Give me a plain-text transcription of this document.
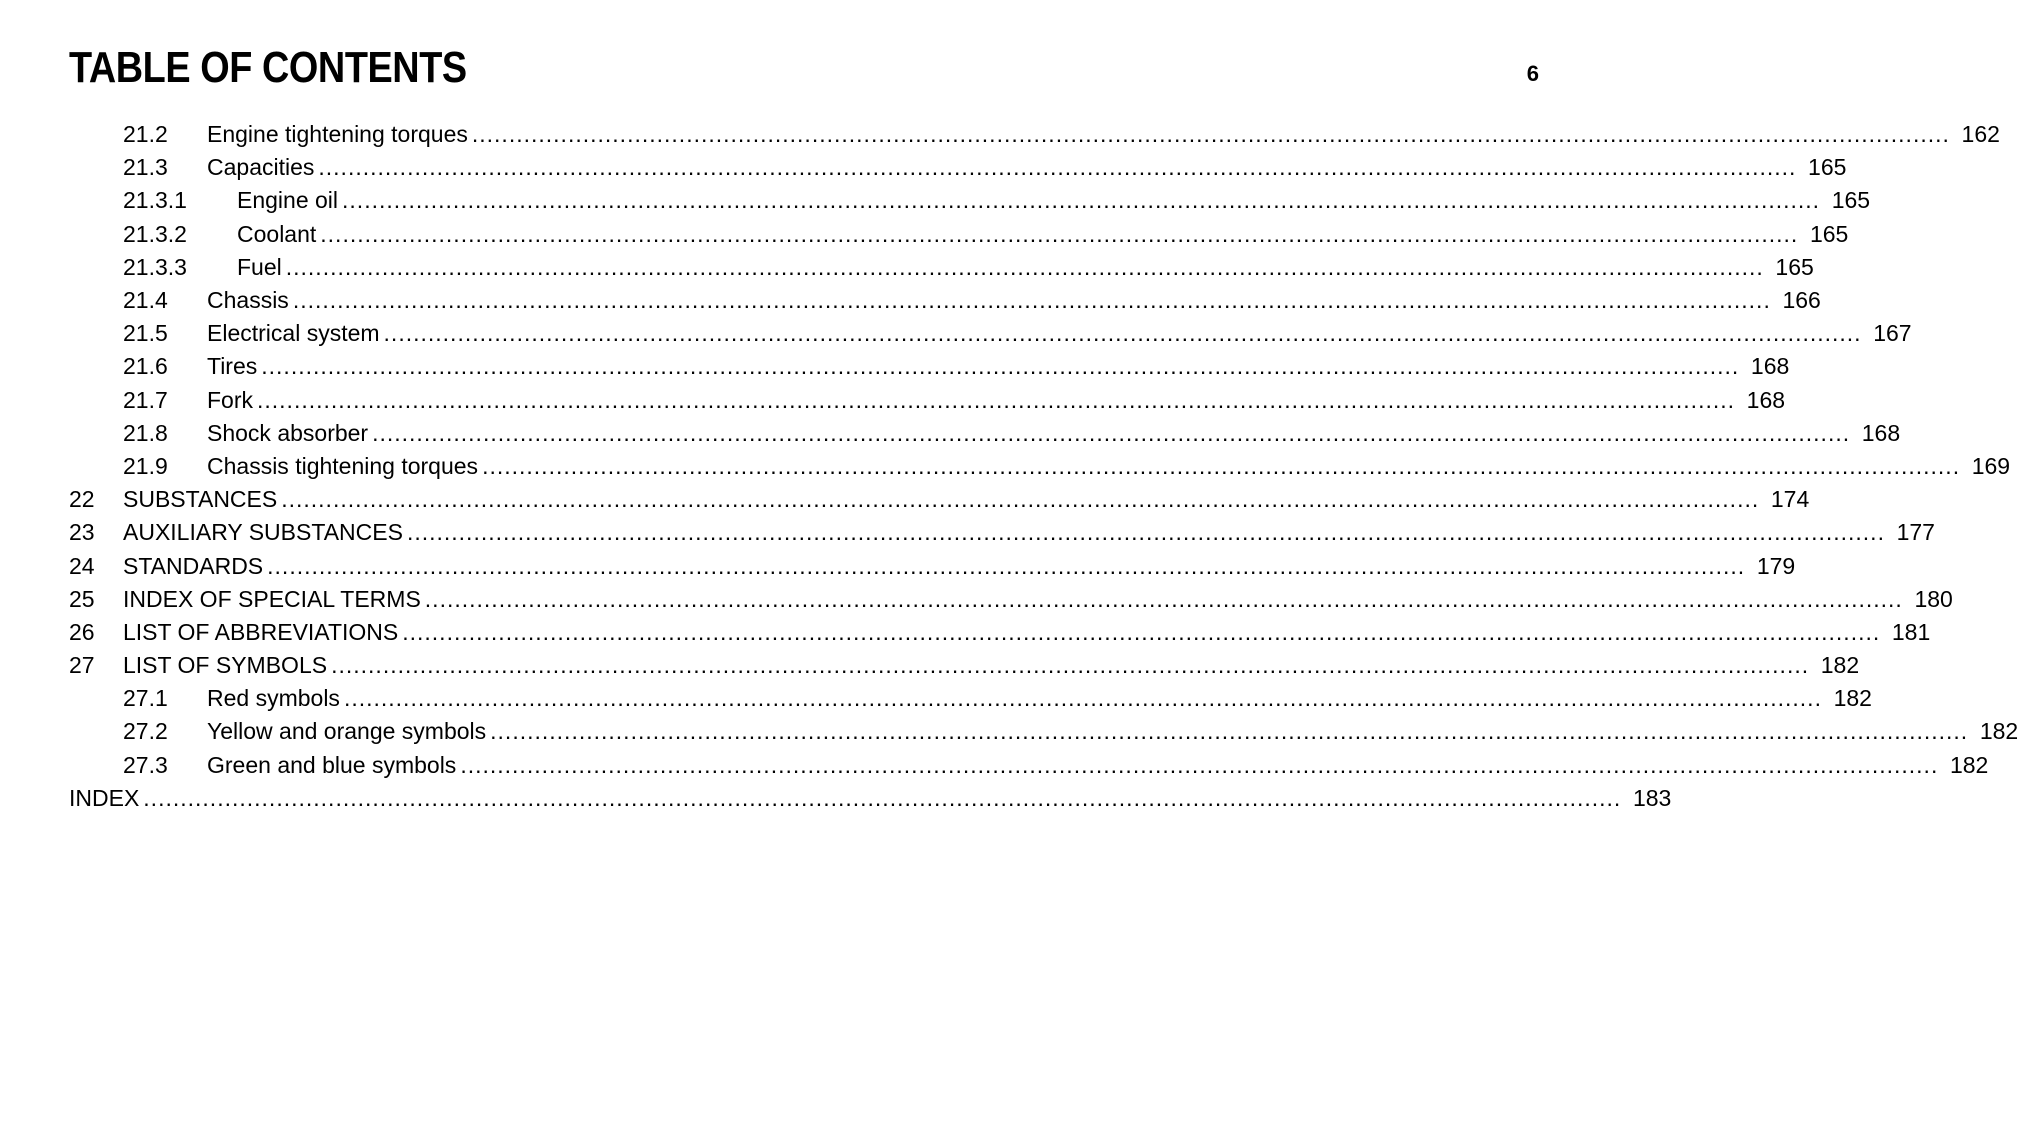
TABLE OF CONTENTS	6
21.2	Engine tightening torques ........................................................................................................................................................................................................ 162
21.3	Capacities ........................................................................................................................................................................................................ 165
21.3.1	Engine oil ........................................................................................................................................................................................................ 165
21.3.2	Coolant ........................................................................................................................................................................................................ 165
21.3.3	Fuel ........................................................................................................................................................................................................ 165
21.4	Chassis ........................................................................................................................................................................................................ 166
21.5	Electrical system ........................................................................................................................................................................................................ 167
21.6	Tires ........................................................................................................................................................................................................ 168
21.7	Fork ........................................................................................................................................................................................................ 168
21.8	Shock absorber ........................................................................................................................................................................................................ 168
21.9	Chassis tightening torques ........................................................................................................................................................................................................ 169
22	SUBSTANCES ........................................................................................................................................................................................................ 174
23	AUXILIARY SUBSTANCES ........................................................................................................................................................................................................ 177
24	STANDARDS ........................................................................................................................................................................................................ 179
25	INDEX OF SPECIAL TERMS ........................................................................................................................................................................................................ 180
26	LIST OF ABBREVIATIONS ........................................................................................................................................................................................................ 181
27	LIST OF SYMBOLS ........................................................................................................................................................................................................ 182
27.1	Red symbols ........................................................................................................................................................................................................ 182
27.2	Yellow and orange symbols ........................................................................................................................................................................................................ 182
27.3	Green and blue symbols ........................................................................................................................................................................................................ 182
INDEX ........................................................................................................................................................................................................ 183
